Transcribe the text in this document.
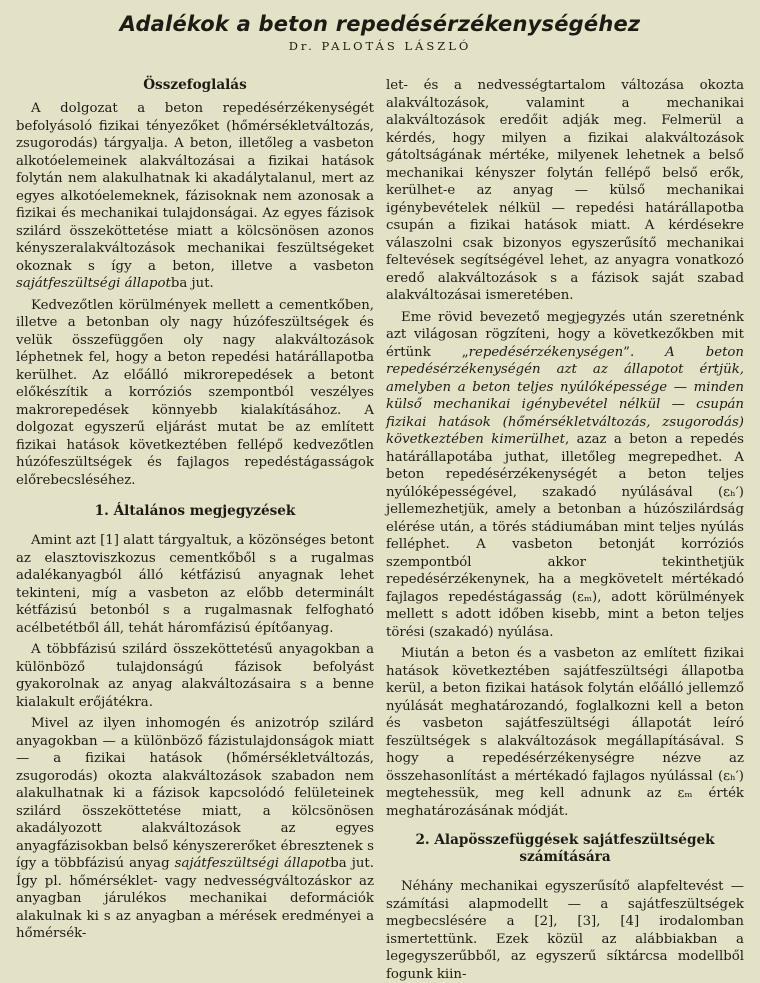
Adalékok a beton repedésérzékenységéhez
Dr. PALOTÁS LÁSZLÓ
Összefoglalás

A dolgozat a beton repedésérzékenységét befolyásoló fizikai tényezőket (hőmérsékletváltozás, zsugorodás) tárgyalja. A beton, illetőleg a vasbeton alkotóelemeinek alakváltozásai a fizikai hatások folytán nem alakulhatnak ki akadálytalanul, mert az egyes alkotóelemeknek, fázisoknak nem azonosak a fizikai és mechanikai tulajdonságai. Az egyes fázisok szilárd összeköttetése miatt a kölcsönösen azonos kényszeralakváltozások mechanikai feszültségeket okoznak s így a beton, illetve a vasbeton sajátfeszültségi állapotba jut.

Kedvezőtlen körülmények mellett a cementkőben, illetve a betonban oly nagy húzófeszültségek és velük összefüggően oly nagy alakváltozások léphetnek fel, hogy a beton repedési határállapotba kerülhet. Az előálló mikrorepedések a betont előkészítik a korróziós szempontból veszélyes makrorepedések könnyebb kialakításához. A dolgozat egyszerű eljárást mutat be az említett fizikai hatások következtében fellépő kedvezőtlen húzófeszültségek és fajlagos repedéstágasságok előrebecsléséhez.

1. Általános megjegyzések

Amint azt [1] alatt tárgyaltuk, a közönséges betont az elasztoviszkozus cementkőből s a rugalmas adalékanyagból álló kétfázisú anyagnak lehet tekinteni, míg a vasbeton az előbb determinált kétfázisú betonból s a rugalmasnak felfogható acélbetétből áll, tehát háromfázisú építőanyag.

A többfázisú szilárd összeköttetésű anyagokban a különböző tulajdonságú fázisok befolyást gyakorolnak az anyag alakváltozásaira s a benne kialakult erőjátékra.

Mivel az ilyen inhomogén és anizotróp szilárd anyagokban — a különböző fázistulajdonságok miatt — a fizikai hatások (hőmérsékletváltozás, zsugorodás) okozta alakváltozások szabadon nem alakulhatnak ki a fázisok kapcsolódó felületeinek szilárd összeköttetése miatt, a kölcsönösen akadályozott alakváltozások az egyes anyagfázisokban belső kényszererőket ébresztenek s így a többfázisú anyag sajátfeszültségi állapotba jut. Így pl. hőmérséklet- vagy nedvességváltozáskor az anyagban járulékos mechanikai deformációk alakulnak ki s az anyagban a mérések eredményei a hőmérsék-

let- és a nedvességtartalom változása okozta alakváltozások, valamint a mechanikai alakváltozások eredőit adják meg. Felmerül a kérdés, hogy milyen a fizikai alakváltozások gátoltságának mértéke, milyenek lehetnek a belső mechanikai kényszer folytán fellépő belső erők, kerülhet-e az anyag — külső mechanikai igénybevételek nélkül — repedési határállapotba csupán a fizikai hatások miatt. A kérdésekre válaszolni csak bizonyos egyszerűsítő mechanikai feltevések segítségével lehet, az anyagra vonatkozó eredő alakváltozások s a fázisok saját szabad alakváltozásai ismeretében.

Eme rövid bevezető megjegyzés után szeretnénk azt világosan rögzíteni, hogy a következőkben mit értünk „repedésérzékenységen”. A beton repedésérzékenységén azt az állapotot értjük, amelyben a beton teljes nyúlóképessége — minden külső mechanikai igénybevétel nélkül — csupán fizikai hatások (hőmérsékletváltozás, zsugorodás) következtében kimerülhet, azaz a beton a repedés határállapotába juthat, illetőleg megrepedhet. A beton repedésérzékenységét a beton teljes nyúlóképességével, szakadó nyúlásával (εₕ′) jellemezhetjük, amely a betonban a húzószilárdság elérése után, a törés stádiumában mint teljes nyúlás felléphet. A vasbeton betonját korróziós szempontból akkor tekinthetjük repedésérzékenynek, ha a megkövetelt mértékadó fajlagos repedéstágasság (εₘ), adott körülmények mellett s adott időben kisebb, mint a beton teljes törési (szakadó) nyúlása.

Miután a beton és a vasbeton az említett fizikai hatások következtében sajátfeszültségi állapotba kerül, a beton fizikai hatások folytán előálló jellemző nyúlását meghatározandó, foglalkozni kell a beton és vasbeton sajátfeszültségi állapotát leíró feszültségek s alakváltozások megállapításával. S hogy a repedésérzékenységre nézve az összehasonlítást a mértékadó fajlagos nyúlással (εₕ′) megtehessük, meg kell adnunk az εₘ érték meghatározásának módját.

2. Alapösszefüggések sajátfeszültségek számítására

Néhány mechanikai egyszerűsítő alapfeltevést — számítási alapmodellt — a sajátfeszültségek megbecslésére a [2], [3], [4] irodalomban ismertettünk. Ezek közül az alábbiakban a legegyszerűbből, az egyszerű síktárcsa modellből fogunk kiin-
